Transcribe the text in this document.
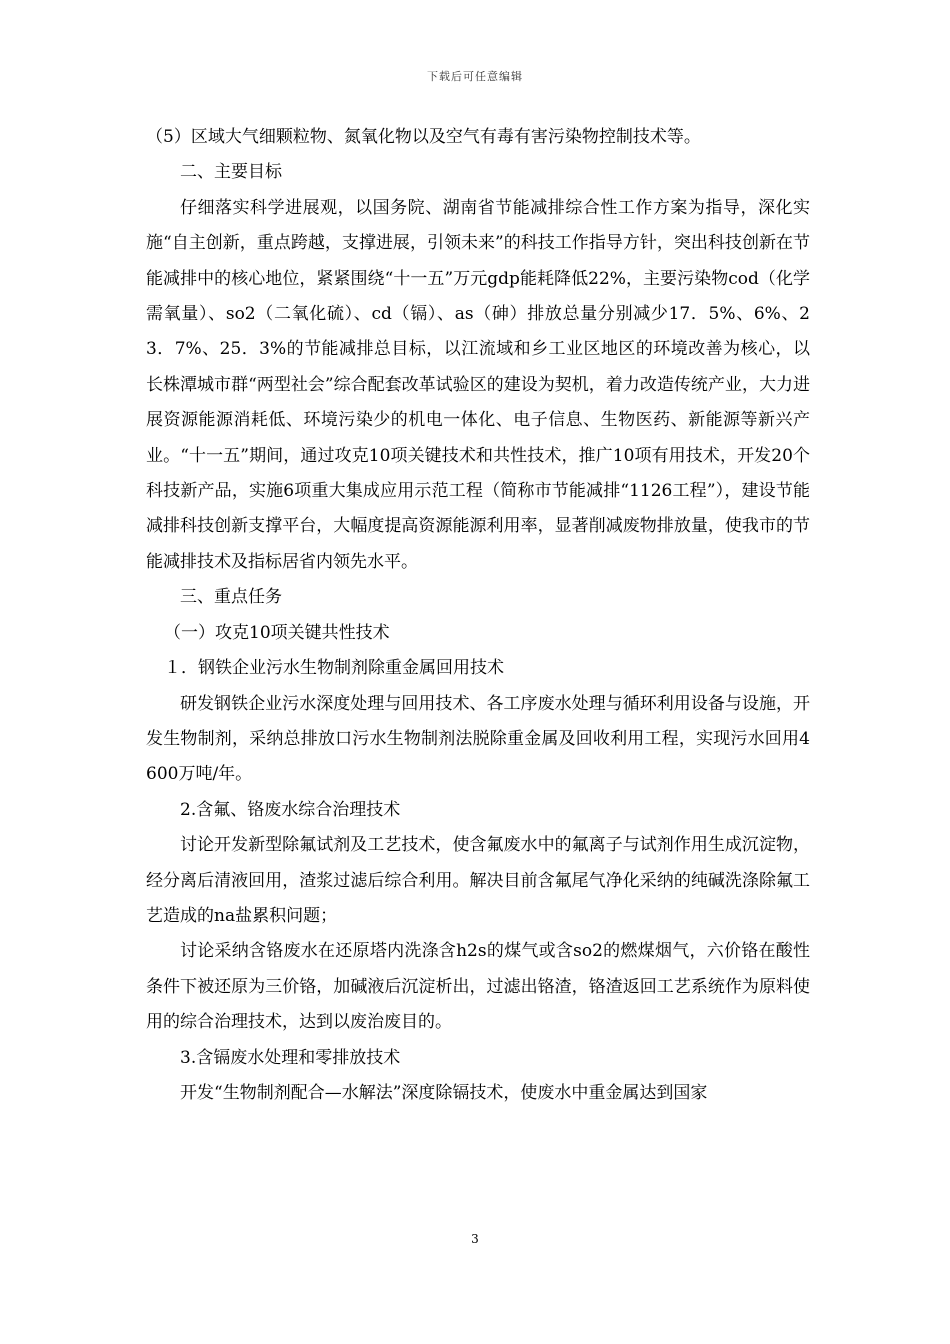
下载后可任意编辑

（5）区域大气细颗粒物、氮氧化物以及空气有毒有害污染物控制技术等。

二、主要目标

仔细落实科学进展观，以国务院、湖南省节能减排综合性工作方案为指导，深化实施“自主创新，重点跨越，支撑进展，引领未来”的科技工作指导方针，突出科技创新在节能减排中的核心地位，紧紧围绕“十一五”万元gdp能耗降低22%，主要污染物cod（化学需氧量）、so2（二氧化硫）、cd（镉）、as（砷）排放总量分别减少17．5%、6%、23．7%、25．3%的节能减排总目标，以江流域和乡工业区地区的环境改善为核心，以长株潭城市群“两型社会”综合配套改革试验区的建设为契机，着力改造传统产业，大力进展资源能源消耗低、环境污染少的机电一体化、电子信息、生物医药、新能源等新兴产业。“十一五”期间，通过攻克10项关键技术和共性技术，推广10项有用技术，开发20个科技新产品，实施6项重大集成应用示范工程（简称市节能减排“1126工程”），建设节能减排科技创新支撑平台，大幅度提高资源能源利用率，显著削减废物排放量，使我市的节能减排技术及指标居省内领先水平。

三、重点任务

（一）攻克10项关键共性技术

１．钢铁企业污水生物制剂除重金属回用技术

研发钢铁企业污水深度处理与回用技术、各工序废水处理与循环利用设备与设施，开发生物制剂，采纳总排放口污水生物制剂法脱除重金属及回收利用工程，实现污水回用4600万吨/年。

2.含氟、铬废水综合治理技术

讨论开发新型除氟试剂及工艺技术，使含氟废水中的氟离子与试剂作用生成沉淀物，经分离后清液回用，渣浆过滤后综合利用。解决目前含氟尾气净化采纳的纯碱洗涤除氟工艺造成的na盐累积问题；

讨论采纳含铬废水在还原塔内洗涤含h2s的煤气或含so2的燃煤烟气，六价铬在酸性条件下被还原为三价铬，加碱液后沉淀析出，过滤出铬渣，铬渣返回工艺系统作为原料使用的综合治理技术，达到以废治废目的。

3.含镉废水处理和零排放技术

开发“生物制剂配合—水解法”深度除镉技术，使废水中重金属达到国家

3
